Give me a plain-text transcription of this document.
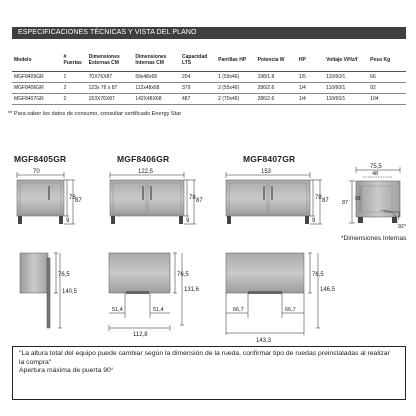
ESPECIFICACIONES TÉCNICAS Y VISTA DEL PLANO
Modelo	# Puertas	Dimensiones Externas CM	Dimensiones Internas CM	Capacidad LTS	Parrillas HP	Potencia W	HP	Voltaje V/Hz/f	Peso Kg
MGF8405GR	1	70X76X87	59x48x68	204	1 (59x46)	198/1.8	1/5	110/60/1	66
MGF8406GR	2	123x 76 x 87	112x48x68	379	2 (55x46)	286/2.6	1/4	110/60/1	92
MGF8407GR	2	153X76X87	142X48X68	487	2 (70x46)	286/2.6	1/4	110/60/1	104
** Para saber los datos de consumo, consultar certificado Energy Star
MGF8405GR	MGF8406GR	MGF8407GR
70
78 87
9
122,5
78 87
9
153
78 87
9
75,5
48
87
68
92°
76,5
140,5
76,5
131,6
51,4	51,4
112,8
76,5
146,5
66,7	66,7
143,3
*Dimensiones Internas
"La altura total del equipo puede cambiar según la dimensión de la rueda, confirmar tipo de ruedas preinstaladas al realizar
la compra"
Apertura máxima de puerta 90°
